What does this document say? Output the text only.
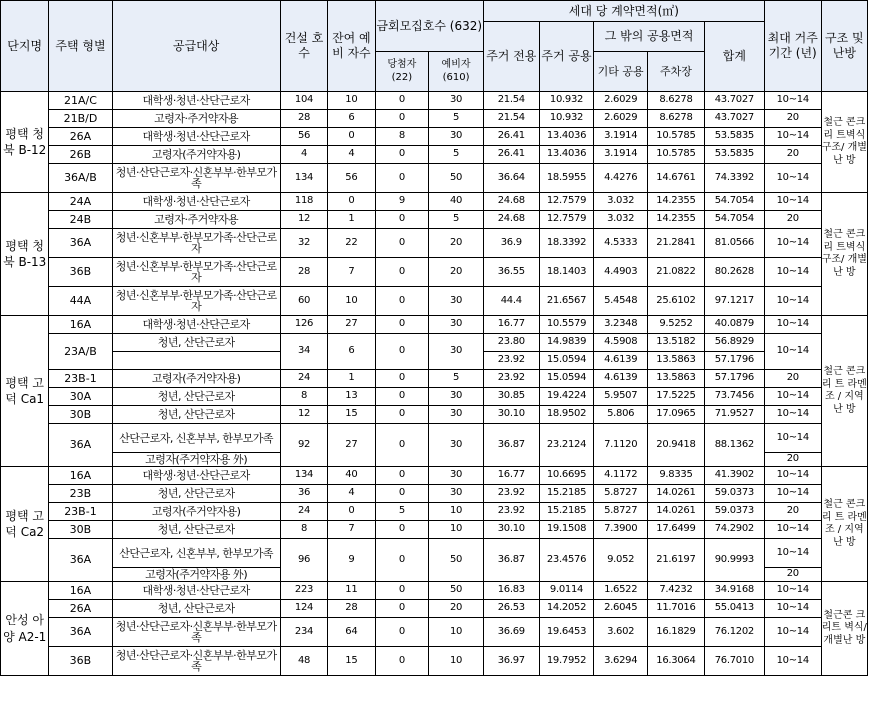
단지명	주택 형별	공급대상	건설 호수	잔여 예비 자수	금회모집호수 (632)		세대 당 계약면적(㎡)					최대 거주 기간 (년)	구조 및 난방
							주거 전용	주거 공용	그 밖의 공용면적		합계		
					당첨자 (22)	예비자 (610)			기타 공용	주차장			
평택 청북 B-12	21A/C	대학생·청년·산단근로자	104	10	0	30	21.54	10.932	2.6029	8.6278	43.7027	10~14	철근 콘크리 트벽식 구조/ 개별난 방
	21B/D	고령자·주거약자용	28	6	0	5	21.54	10.932	2.6029	8.6278	43.7027	20	
	26A	대학생·청년·산단근로자	56	0	8	30	26.41	13.4036	3.1914	10.5785	53.5835	10~14	
	26B	고령자(주거약자용)	4	4	0	5	26.41	13.4036	3.1914	10.5785	53.5835	20	
	36A/B	청년·산단근로자·신혼부부·한부모가족	134	56	0	50	36.64	18.5955	4.4276	14.6761	74.3392	10~14	
평택 청북 B-13	24A	대학생·청년·산단근로자	118	0	9	40	24.68	12.7579	3.032	14.2355	54.7054	10~14	철근 콘크리 트벽식 구조/ 개별난 방
	24B	고령자·주거약자용	12	1	0	5	24.68	12.7579	3.032	14.2355	54.7054	20	
	36A	청년·신혼부부·한부모가족·산단근로자	32	22	0	20	36.9	18.3392	4.5333	21.2841	81.0566	10~14	
	36B	청년·신혼부부·한부모가족·산단근로자	28	7	0	20	36.55	18.1403	4.4903	21.0822	80.2628	10~14	
	44A	청년·신혼부부·한부모가족·산단근로자	60	10	0	30	44.4	21.6567	5.4548	25.6102	97.1217	10~14	
평택 고덕 Ca1	16A	대학생·청년·산단근로자	126	27	0	30	16.77	10.5579	3.2348	9.5252	40.0879	10~14	철근 콘크리 트 라멘조 / 지역난 방
	23A/B	청년, 산단근로자	34	6	0	30	23.80	14.9839	4.5908	13.5182	56.8929	10~14	
							23.92	15.0594	4.6139	13.5863	57.1796		
	23B-1	고령자(주거약자용)	24	1	0	5	23.92	15.0594	4.6139	13.5863	57.1796	20	
	30A	청년, 산단근로자	8	13	0	30	30.85	19.4224	5.9507	17.5225	73.7456	10~14	
	30B	청년, 산단근로자	12	15	0	30	30.10	18.9502	5.806	17.0965	71.9527	10~14	
	36A	산단근로자, 신혼부부, 한부모가족	92	27	0	30	36.87	23.2124	7.1120	20.9418	88.1362	10~14	
		고령자(주거약자용 外)										20	
평택 고덕 Ca2	16A	대학생·청년·산단근로자	134	40	0	30	16.77	10.6695	4.1172	9.8335	41.3902	10~14	철근 콘크리 트 라멘조 / 지역난 방
	23B	청년, 산단근로자	36	4	0	30	23.92	15.2185	5.8727	14.0261	59.0373	10~14	
	23B-1	고령자(주거약자용)	24	0	5	10	23.92	15.2185	5.8727	14.0261	59.0373	20	
	30B	청년, 산단근로자	8	7	0	10	30.10	19.1508	7.3900	17.6499	74.2902	10~14	
	36A	산단근로자, 신혼부부, 한부모가족	96	9	0	50	36.87	23.4576	9.052	21.6197	90.9993	10~14	
		고령자(주거약자용 外)										20	
안성 아양 A2-1	16A	대학생·청년·산단근로자	223	11	0	50	16.83	9.0114	1.6522	7.4232	34.9168	10~14	철근콘 크리트 벽식/ 개별난 방
	26A	청년, 산단근로자	124	28	0	20	26.53	14.2052	2.6045	11.7016	55.0413	10~14	
	36A	청년·산단근로자·신혼부부·한부모가족	234	64	0	10	36.69	19.6453	3.602	16.1829	76.1202	10~14	
	36B	청년·산단근로자·신혼부부·한부모가족	48	15	0	10	36.97	19.7952	3.6294	16.3064	76.7010	10~14	
